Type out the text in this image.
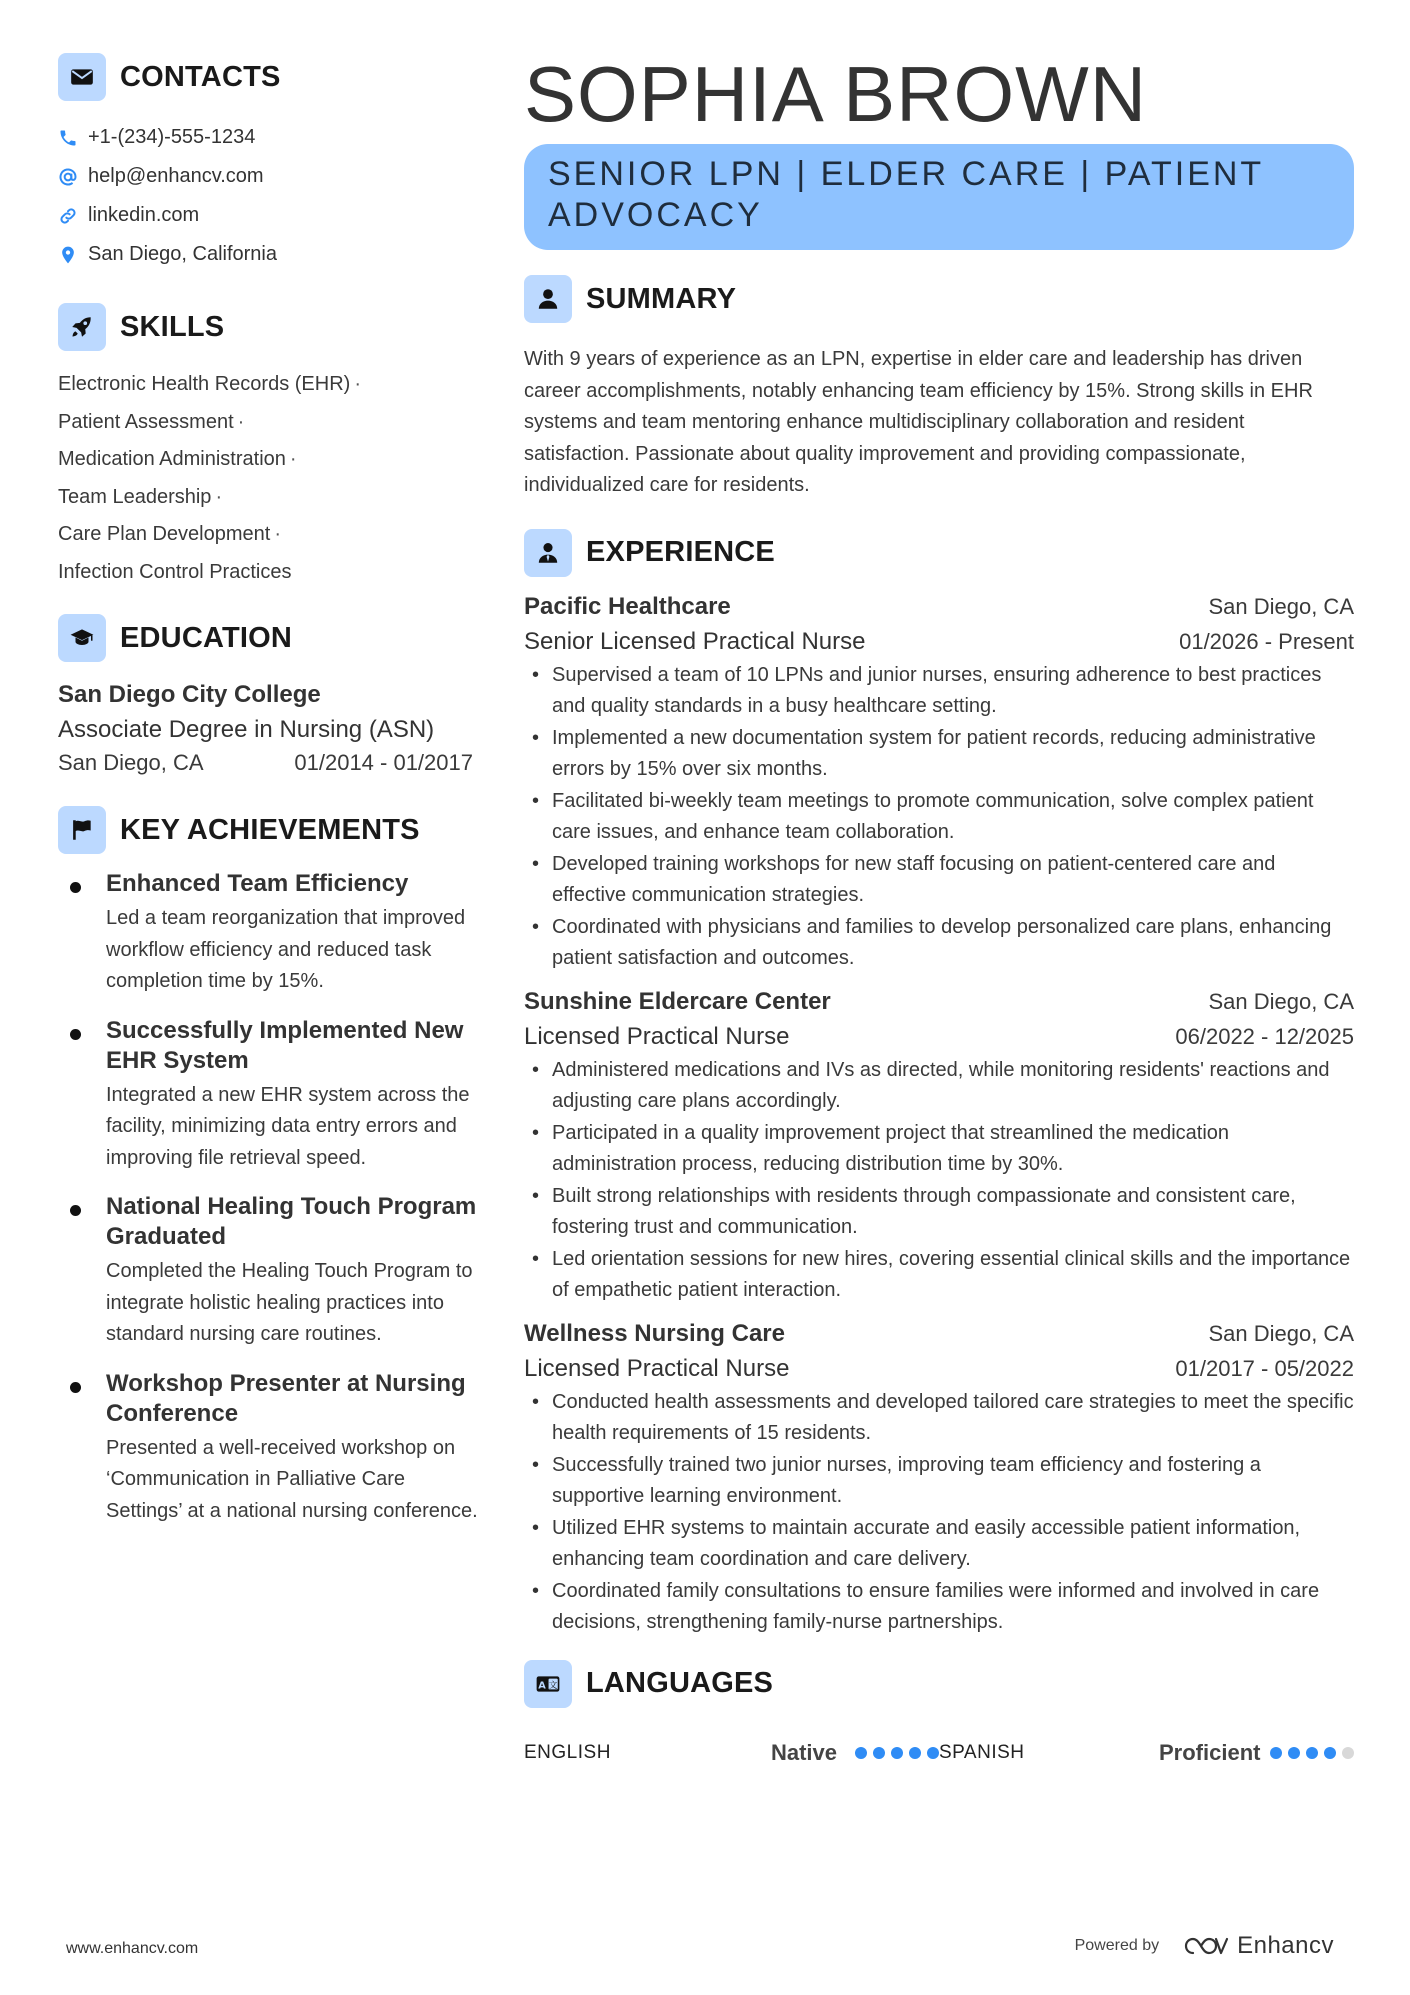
CONTACTS
+1-(234)-555-1234
help@enhancv.com
linkedin.com
San Diego, California
SKILLS
Electronic Health Records (EHR) ·
Patient Assessment ·
Medication Administration ·
Team Leadership ·
Care Plan Development ·
Infection Control Practices
EDUCATION
San Diego City College
Associate Degree in Nursing (ASN)
San Diego, CA	01/2014 - 01/2017
KEY ACHIEVEMENTS
Enhanced Team Efficiency
Led a team reorganization that improved workflow efficiency and reduced task completion time by 15%.
Successfully Implemented New EHR System
Integrated a new EHR system across the facility, minimizing data entry errors and improving file retrieval speed.
National Healing Touch Program Graduated
Completed the Healing Touch Program to integrate holistic healing practices into standard nursing care routines.
Workshop Presenter at Nursing Conference
Presented a well-received workshop on ‘Communication in Palliative Care Settings’ at a national nursing conference.
SOPHIA BROWN
SENIOR LPN | ELDER CARE | PATIENT
ADVOCACY
SUMMARY
With 9 years of experience as an LPN, expertise in elder care and leadership has driven career accomplishments, notably enhancing team efficiency by 15%. Strong skills in EHR systems and team mentoring enhance multidisciplinary collaboration and resident satisfaction. Passionate about quality improvement and providing compassionate, individualized care for residents.
EXPERIENCE
Pacific Healthcare	San Diego, CA
Senior Licensed Practical Nurse	01/2026 - Present
• Supervised a team of 10 LPNs and junior nurses, ensuring adherence to best practices and quality standards in a busy healthcare setting.
• Implemented a new documentation system for patient records, reducing administrative errors by 15% over six months.
• Facilitated bi-weekly team meetings to promote communication, solve complex patient care issues, and enhance team collaboration.
• Developed training workshops for new staff focusing on patient-centered care and effective communication strategies.
• Coordinated with physicians and families to develop personalized care plans, enhancing patient satisfaction and outcomes.
Sunshine Eldercare Center	San Diego, CA
Licensed Practical Nurse	06/2022 - 12/2025
• Administered medications and IVs as directed, while monitoring residents' reactions and adjusting care plans accordingly.
• Participated in a quality improvement project that streamlined the medication administration process, reducing distribution time by 30%.
• Built strong relationships with residents through compassionate and consistent care, fostering trust and communication.
• Led orientation sessions for new hires, covering essential clinical skills and the importance of empathetic patient interaction.
Wellness Nursing Care	San Diego, CA
Licensed Practical Nurse	01/2017 - 05/2022
• Conducted health assessments and developed tailored care strategies to meet the specific health requirements of 15 residents.
• Successfully trained two junior nurses, improving team efficiency and fostering a supportive learning environment.
• Utilized EHR systems to maintain accurate and easily accessible patient information, enhancing team coordination and care delivery.
• Coordinated family consultations to ensure families were informed and involved in care decisions, strengthening family-nurse partnerships.
A 文 LANGUAGES
ENGLISH	Native	SPANISH	Proficient
www.enhancv.com	Powered by	Enhancv
